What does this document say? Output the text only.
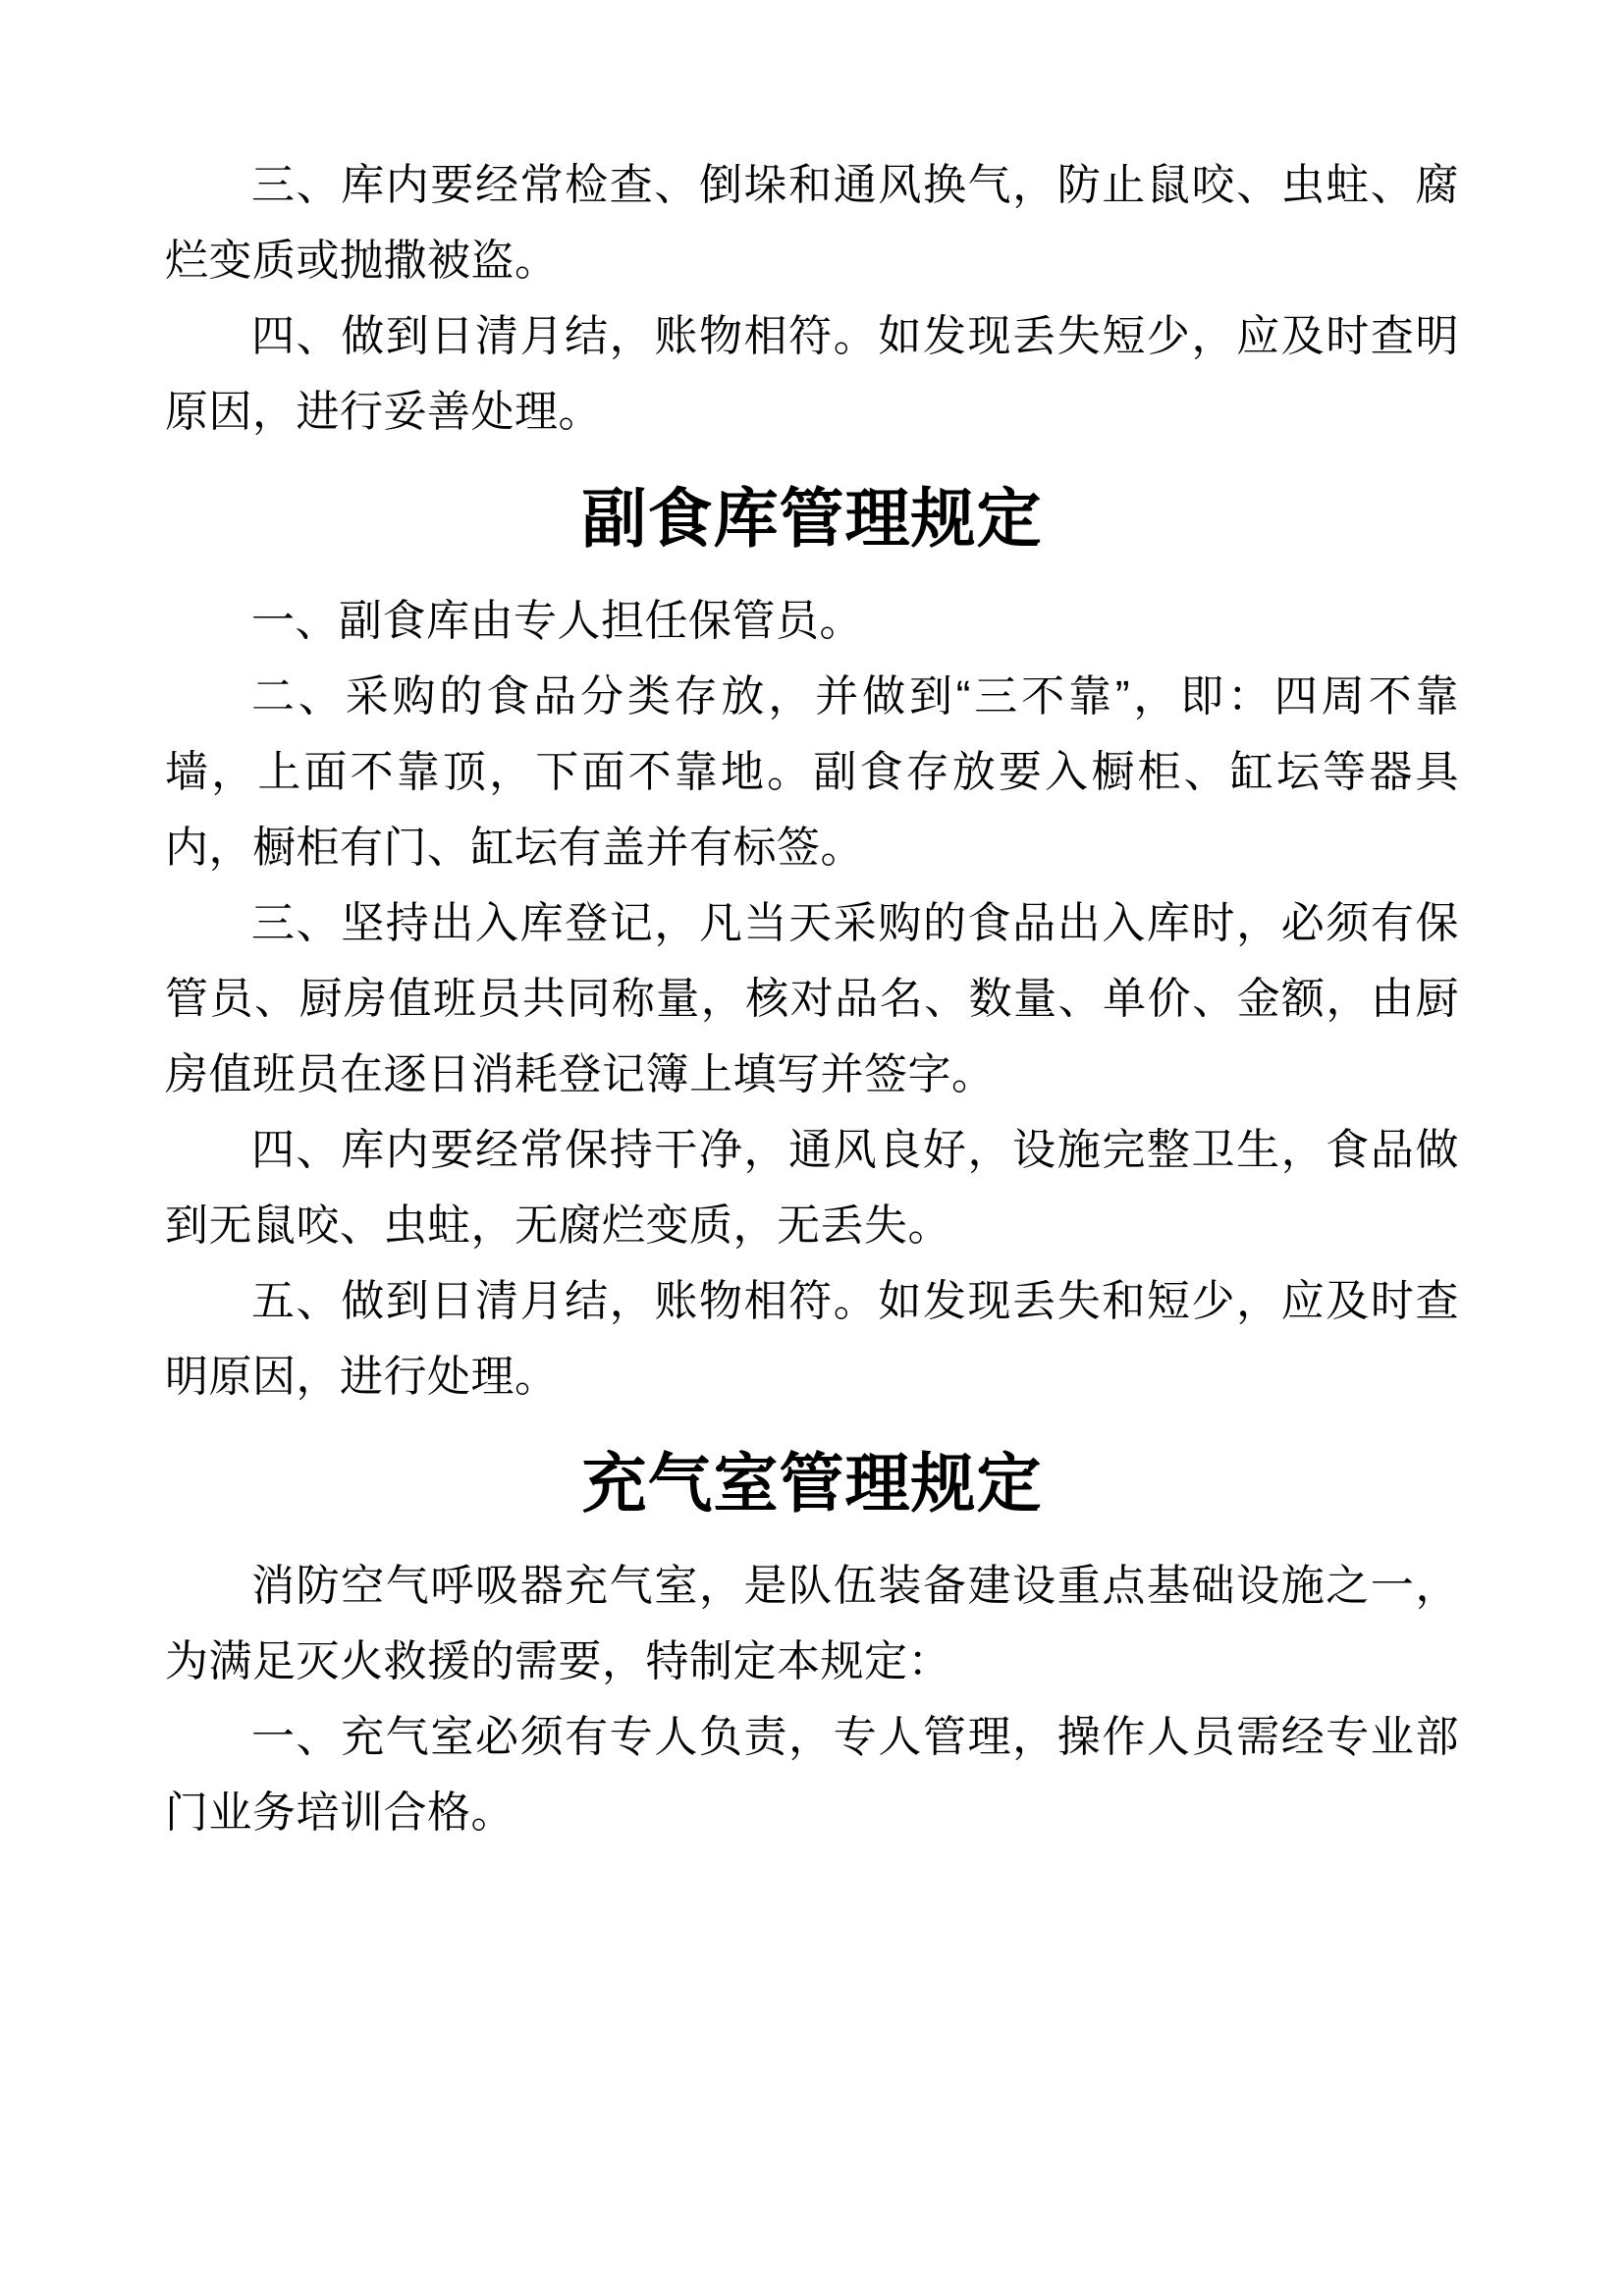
三、库内要经常检查、倒垛和通风换气，防止鼠咬、虫蛀、腐烂变质或抛撒被盗。

四、做到日清月结，账物相符。如发现丢失短少，应及时查明原因，进行妥善处理。

副食库管理规定

一、副食库由专人担任保管员。

二、采购的食品分类存放，并做到“三不靠”，即：四周不靠墙，上面不靠顶，下面不靠地。副食存放要入橱柜、缸坛等器具内，橱柜有门、缸坛有盖并有标签。

三、坚持出入库登记，凡当天采购的食品出入库时，必须有保管员、厨房值班员共同称量，核对品名、数量、单价、金额，由厨房值班员在逐日消耗登记簿上填写并签字。

四、库内要经常保持干净，通风良好，设施完整卫生，食品做到无鼠咬、虫蛀，无腐烂变质，无丢失。

五、做到日清月结，账物相符。如发现丢失和短少，应及时查明原因，进行处理。

充气室管理规定

消防空气呼吸器充气室，是队伍装备建设重点基础设施之一，为满足灭火救援的需要，特制定本规定：

一、充气室必须有专人负责，专人管理，操作人员需经专业部门业务培训合格。
